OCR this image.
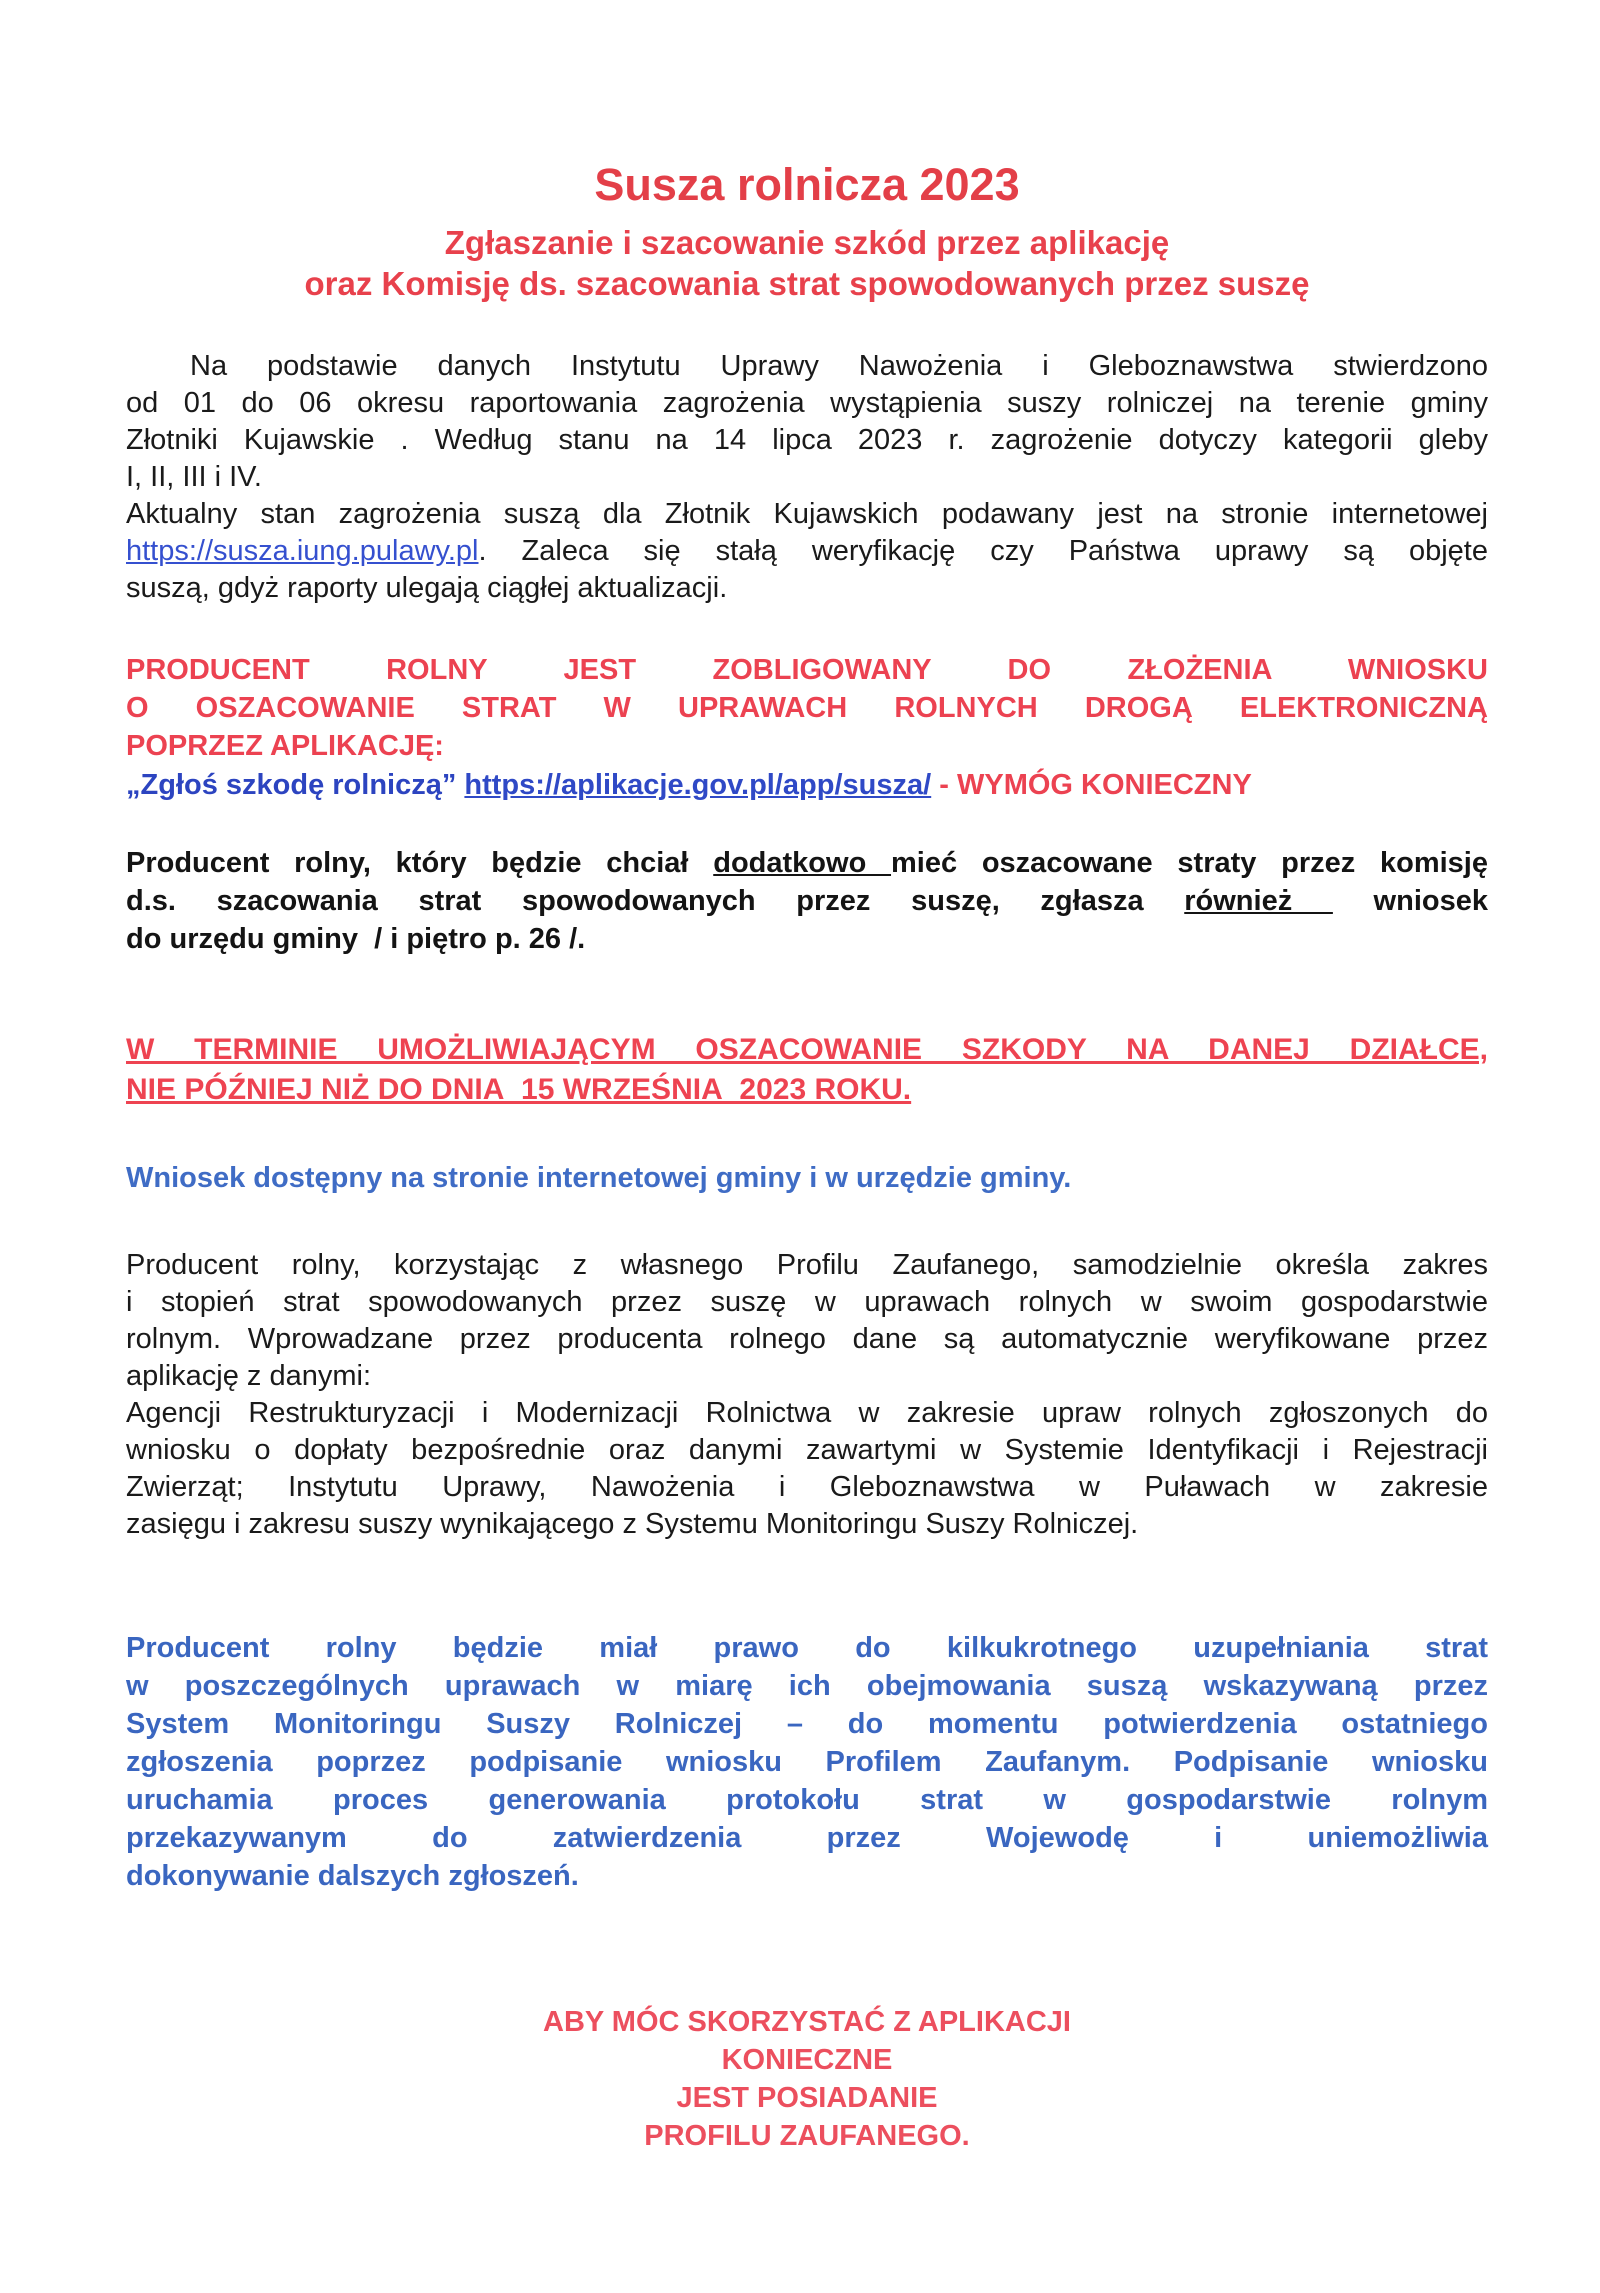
Susza rolnicza 2023
Zgłaszanie i szacowanie szkód przez aplikację
oraz Komisję ds. szacowania strat spowodowanych przez suszę
Na podstawie danych Instytutu Uprawy Nawożenia i Gleboznawstwa stwierdzono
od 01 do 06 okresu raportowania zagrożenia wystąpienia suszy rolniczej na terenie gminy
Złotniki Kujawskie . Według stanu na 14 lipca 2023 r. zagrożenie dotyczy kategorii gleby
I, II, III i IV.
Aktualny stan zagrożenia suszą dla Złotnik Kujawskich podawany jest na stronie internetowej
https://susza.iung.pulawy.pl. Zaleca się stałą weryfikację czy Państwa uprawy są objęte
suszą, gdyż raporty ulegają ciągłej aktualizacji.
PRODUCENT ROLNY JEST ZOBLIGOWANY DO ZŁOŻENIA WNIOSKU
O OSZACOWANIE STRAT W UPRAWACH ROLNYCH DROGĄ ELEKTRONICZNĄ
POPRZEZ APLIKACJĘ:
„Zgłoś szkodę rolniczą” https://aplikacje.gov.pl/app/susza/ - WYMÓG KONIECZNY
Producent rolny, który będzie chciał dodatkowo mieć oszacowane straty przez komisję
d.s. szacowania strat spowodowanych przez suszę, zgłasza również  wniosek
do urzędu gminy  / i piętro p. 26 /.
W TERMINIE UMOŻLIWIAJĄCYM OSZACOWANIE SZKODY NA DANEJ DZIAŁCE,
NIE PÓŹNIEJ NIŻ DO DNIA  15 WRZEŚNIA  2023 ROKU.
Wniosek dostępny na stronie internetowej gminy i w urzędzie gminy.
Producent rolny, korzystając z własnego Profilu Zaufanego, samodzielnie określa zakres
i stopień strat spowodowanych przez suszę w uprawach rolnych w swoim gospodarstwie
rolnym. Wprowadzane przez producenta rolnego dane są automatycznie weryfikowane przez
aplikację z danymi:
Agencji Restrukturyzacji i Modernizacji Rolnictwa w zakresie upraw rolnych zgłoszonych do
wniosku o dopłaty bezpośrednie oraz danymi zawartymi w Systemie Identyfikacji i Rejestracji
Zwierząt; Instytutu Uprawy, Nawożenia i Gleboznawstwa w Puławach w zakresie
zasięgu i zakresu suszy wynikającego z Systemu Monitoringu Suszy Rolniczej.
Producent rolny będzie miał prawo do kilkukrotnego uzupełniania strat
w poszczególnych uprawach w miarę ich obejmowania suszą wskazywaną przez
System Monitoringu Suszy Rolniczej – do momentu potwierdzenia ostatniego
zgłoszenia poprzez podpisanie wniosku Profilem Zaufanym. Podpisanie wniosku
uruchamia proces generowania protokołu strat w gospodarstwie rolnym
przekazywanym do zatwierdzenia przez Wojewodę i uniemożliwia
dokonywanie dalszych zgłoszeń.
ABY MÓC SKORZYSTAĆ Z APLIKACJI
KONIECZNE
JEST POSIADANIE
PROFILU ZAUFANEGO.
